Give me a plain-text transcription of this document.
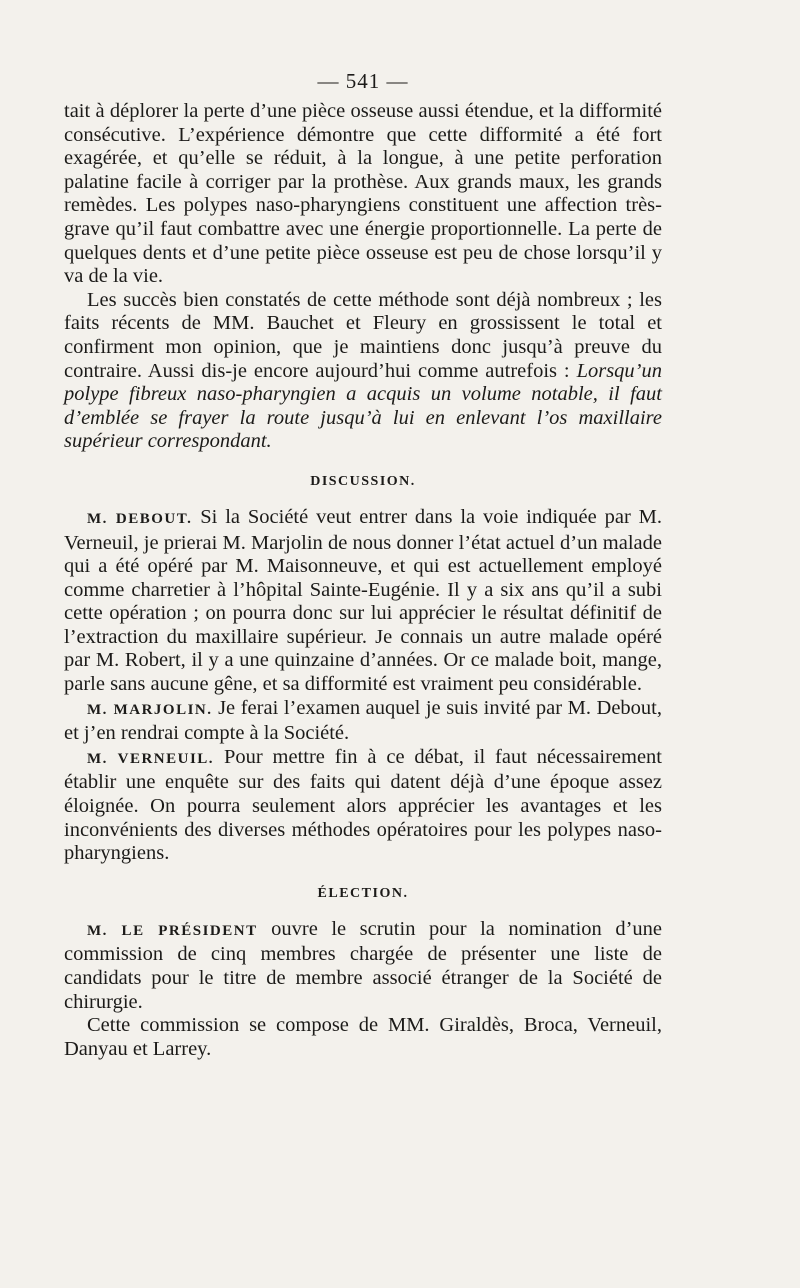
— 541 —

tait à déplorer la perte d’une pièce osseuse aussi étendue, et la difformité consécutive. L’expérience démontre que cette difformité a été fort exagérée, et qu’elle se réduit, à la longue, à une petite perforation palatine facile à corriger par la prothèse. Aux grands maux, les grands remèdes. Les polypes naso-pharyngiens constituent une affection très-grave qu’il faut combattre avec une énergie proportionnelle. La perte de quelques dents et d’une petite pièce osseuse est peu de chose lorsqu’il y va de la vie.

Les succès bien constatés de cette méthode sont déjà nombreux ; les faits récents de MM. Bauchet et Fleury en grossissent le total et confirment mon opinion, que je maintiens donc jusqu’à preuve du contraire. Aussi dis-je encore aujourd’hui comme autrefois : Lorsqu’un polype fibreux naso-pharyngien a acquis un volume notable, il faut d’emblée se frayer la route jusqu’à lui en enlevant l’os maxillaire supérieur correspondant.

DISCUSSION.

M. DEBOUT. Si la Société veut entrer dans la voie indiquée par M. Verneuil, je prierai M. Marjolin de nous donner l’état actuel d’un malade qui a été opéré par M. Maisonneuve, et qui est actuellement employé comme charretier à l’hôpital Sainte-Eugénie. Il y a six ans qu’il a subi cette opération ; on pourra donc sur lui apprécier le résultat définitif de l’extraction du maxillaire supérieur. Je connais un autre malade opéré par M. Robert, il y a une quinzaine d’années. Or ce malade boit, mange, parle sans aucune gêne, et sa difformité est vraiment peu considérable.

M. MARJOLIN. Je ferai l’examen auquel je suis invité par M. Debout, et j’en rendrai compte à la Société.

M. VERNEUIL. Pour mettre fin à ce débat, il faut nécessairement établir une enquête sur des faits qui datent déjà d’une époque assez éloignée. On pourra seulement alors apprécier les avantages et les inconvénients des diverses méthodes opératoires pour les polypes naso-pharyngiens.

ÉLECTION.

M. LE PRÉSIDENT ouvre le scrutin pour la nomination d’une commission de cinq membres chargée de présenter une liste de candidats pour le titre de membre associé étranger de la Société de chirurgie.

Cette commission se compose de MM. Giraldès, Broca, Verneuil, Danyau et Larrey.
